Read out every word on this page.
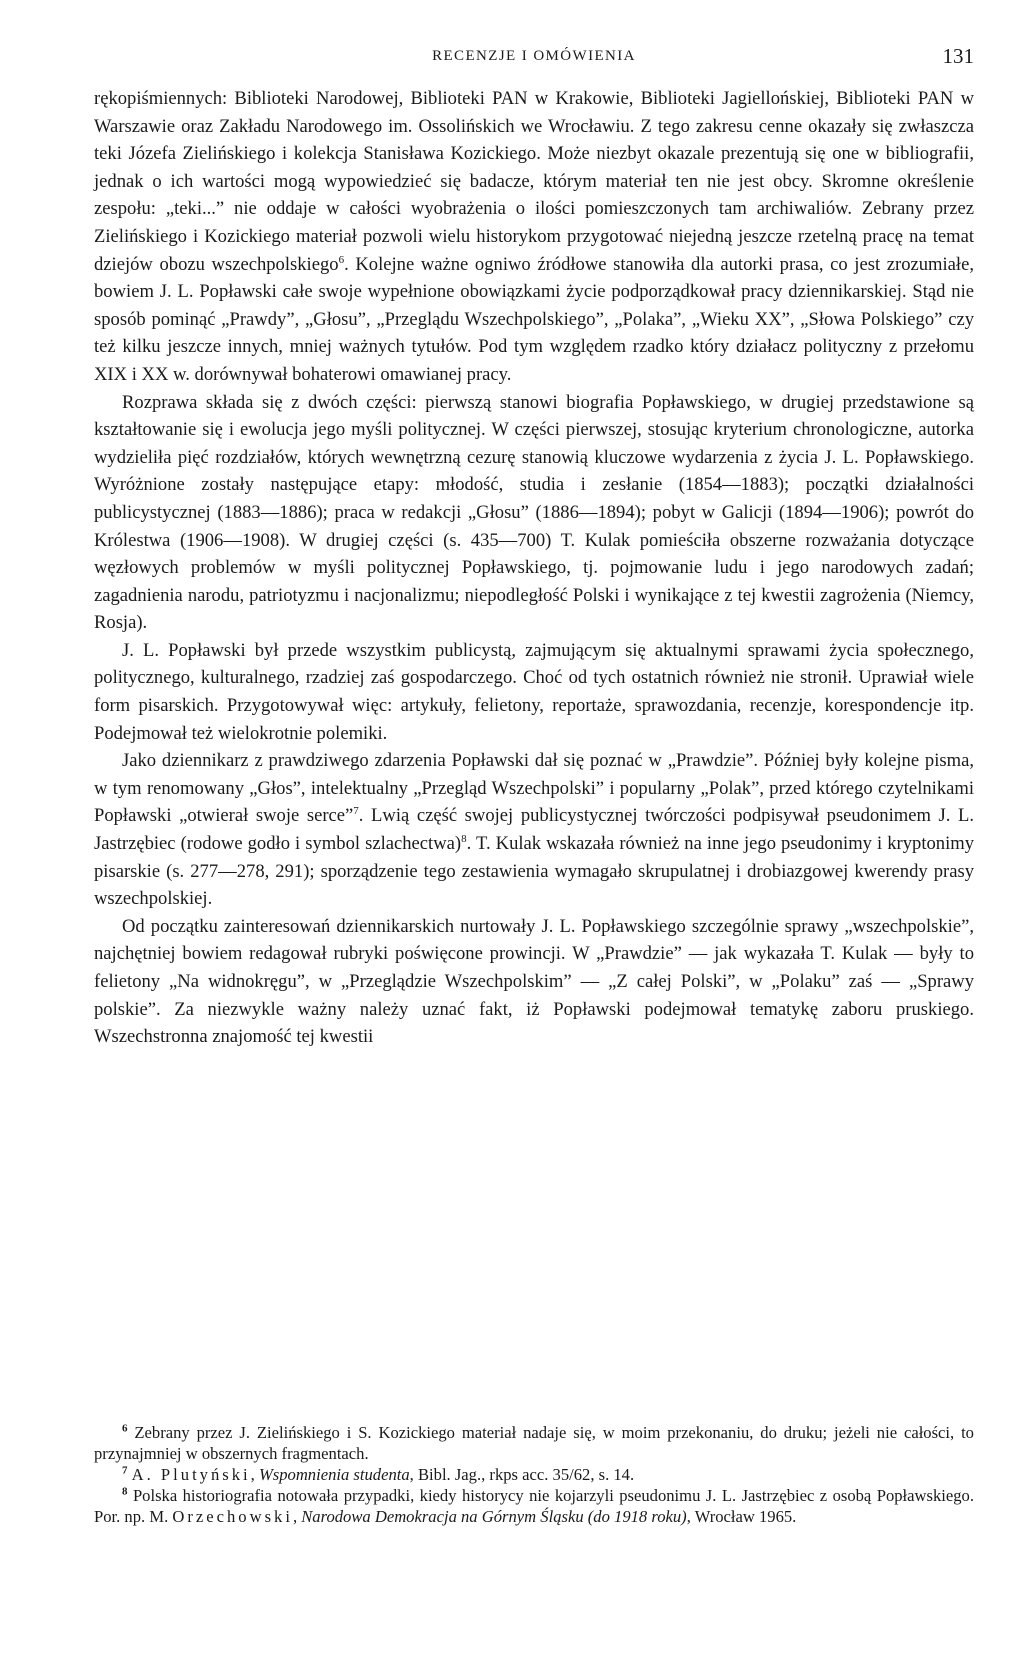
RECENZJE I OMÓWIENIA	131

rękopiśmiennych: Biblioteki Narodowej, Biblioteki PAN w Krakowie, Biblioteki Jagiellońskiej, Biblioteki PAN w Warszawie oraz Zakładu Narodowego im. Ossolińskich we Wrocławiu. Z tego zakresu cenne okazały się zwłaszcza teki Józefa Zielińskiego i kolekcja Stanisława Kozickiego. Może niezbyt okazale prezentują się one w bibliografii, jednak o ich wartości mogą wypowiedzieć się badacze, którym materiał ten nie jest obcy. Skromne określenie zespołu: „teki...” nie oddaje w całości wyobrażenia o ilości pomieszczonych tam archiwaliów. Zebrany przez Zielińskiego i Kozickiego materiał pozwoli wielu historykom przygotować niejedną jeszcze rzetelną pracę na temat dziejów obozu wszechpolskiego$^6$. Kolejne ważne ogniwo źródłowe stanowiła dla autorki prasa, co jest zrozumiałe, bowiem J. L. Popławski całe swoje wypełnione obowiązkami życie podporządkował pracy dziennikarskiej. Stąd nie sposób pominąć „Prawdy”, „Głosu”, „Przeglądu Wszechpolskiego”, „Polaka”, „Wieku XX”, „Słowa Polskiego” czy też kilku jeszcze innych, mniej ważnych tytułów. Pod tym względem rzadko który działacz polityczny z przełomu XIX i XX w. dorównywał bohaterowi omawianej pracy.

Rozprawa składa się z dwóch części: pierwszą stanowi biografia Popławskiego, w drugiej przedstawione są kształtowanie się i ewolucja jego myśli politycznej. W części pierwszej, stosując kryterium chronologiczne, autorka wydzieliła pięć rozdziałów, których wewnętrzną cezurę stanowią kluczowe wydarzenia z życia J. L. Popławskiego. Wyróżnione zostały następujące etapy: młodość, studia i zesłanie (1854—1883); początki działalności publicystycznej (1883—1886); praca w redakcji „Głosu” (1886—1894); pobyt w Galicji (1894—1906); powrót do Królestwa (1906—1908). W drugiej części (s. 435—700) T. Kulak pomieściła obszerne rozważania dotyczące węzłowych problemów w myśli politycznej Popławskiego, tj. pojmowanie ludu i jego narodowych zadań; zagadnienia narodu, patriotyzmu i nacjonalizmu; niepodległość Polski i wynikające z tej kwestii zagrożenia (Niemcy, Rosja).

J. L. Popławski był przede wszystkim publicystą, zajmującym się aktualnymi sprawami życia społecznego, politycznego, kulturalnego, rzadziej zaś gospodarczego. Choć od tych ostatnich również nie stronił. Uprawiał wiele form pisarskich. Przygotowywał więc: artykuły, felietony, reportaże, sprawozdania, recenzje, korespondencje itp. Podejmował też wielokrotnie polemiki.

Jako dziennikarz z prawdziwego zdarzenia Popławski dał się poznać w „Prawdzie”. Później były kolejne pisma, w tym renomowany „Głos”, intelektualny „Przegląd Wszechpolski” i popularny „Polak”, przed którego czytelnikami Popławski „otwierał swoje serce”$^7$. Lwią część swojej publicystycznej twórczości podpisywał pseudonimem J. L. Jastrzębiec (rodowe godło i symbol szlachectwa)$^8$. T. Kulak wskazała również na inne jego pseudonimy i kryptonimy pisarskie (s. 277—278, 291); sporządzenie tego zestawienia wymagało skrupulatnej i drobiazgowej kwerendy prasy wszechpolskiej.

Od początku zainteresowań dziennikarskich nurtowały J. L. Popławskiego szczególnie sprawy „wszechpolskie”, najchętniej bowiem redagował rubryki poświęcone prowincji. W „Prawdzie” — jak wykazała T. Kulak — były to felietony „Na widnokręgu”, w „Przeglądzie Wszechpolskim” — „Z całej Polski”, w „Polaku” zaś — „Sprawy polskie”. Za niezwykle ważny należy uznać fakt, iż Popławski podejmował tematykę zaboru pruskiego. Wszechstronna znajomość tej kwestii

$^6$ Zebrany przez J. Zielińskiego i S. Kozickiego materiał nadaje się, w moim przekonaniu, do druku; jeżeli nie całości, to przynajmniej w obszernych fragmentach.

$^7$ A. Plutyński, Wspomnienia studenta, Bibl. Jag., rkps acc. 35/62, s. 14.

$^8$ Polska historiografia notowała przypadki, kiedy historycy nie kojarzyli pseudonimu J. L. Jastrzębiec z osobą Popławskiego. Por. np. M. Orzechowski, Narodowa Demokracja na Górnym Śląsku (do 1918 roku), Wrocław 1965.
